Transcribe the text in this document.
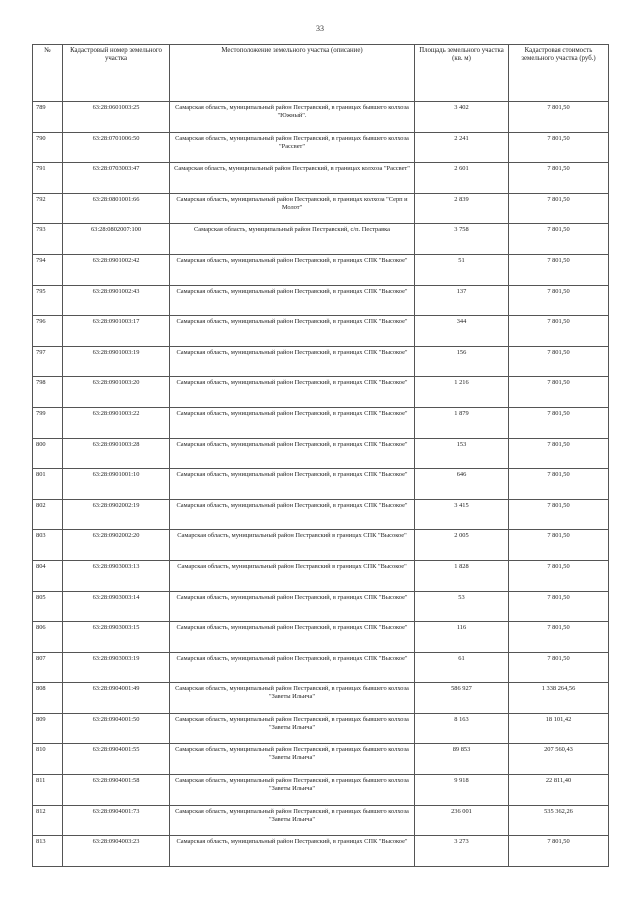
33
№	Кадастровый номер земельного участка	Местоположение земельного участка (описание)	Площадь земельного участка (кв. м)	Кадастровая стоимость земельного участка (руб.)
789	63:28:0601003:25	Самарская область, муниципальный район Пестравский, в границах бывшего колхоза "Южный".	3 402	7 801,50
790	63:28:0701006:50	Самарская область, муниципальный район Пестравский, в границах бывшего колхоза "Рассвет"	2 241	7 801,50
791	63:28:0703003:47	Самарская область, муниципальный район Пестравский, в границах колхоза "Рассвет"	2 601	7 801,50
792	63:28:0801001:66	Самарская область, муниципальный район Пестравский, в границах колхоза "Серп и Молот"	2 839	7 801,50
793	63:28:0802007:100	Самарская область, муниципальный район Пестравский, с/п. Пестравка	3 758	7 801,50
794	63:28:0901002:42	Самарская область, муниципальный район Пестравский, в границах СПК "Высокое"	51	7 801,50
795	63:28:0901002:43	Самарская область, муниципальный район Пестравский, в границах СПК "Высокое"	137	7 801,50
796	63:28:0901003:17	Самарская область, муниципальный район Пестравский, в границах СПК "Высокое"	344	7 801,50
797	63:28:0901003:19	Самарская область, муниципальный район Пестравский, в границах СПК "Высокое"	156	7 801,50
798	63:28:0901003:20	Самарская область, муниципальный район Пестравский, в границах СПК "Высокое"	1 216	7 801,50
799	63:28:0901003:22	Самарская область, муниципальный район Пестравский, в границах СПК "Высокое"	1 879	7 801,50
800	63:28:0901003:28	Самарская область, муниципальный район Пестравский, в границах СПК "Высокое"	153	7 801,50
801	63:28:0901001:10	Самарская область, муниципальный район Пестравский, в границах СПК "Высокое"	646	7 801,50
802	63:28:0902002:19	Самарская область, муниципальный район Пестравский, в границах СПК "Высокое"	3 415	7 801,50
803	63:28:0902002:20	Самарская область, муниципальный район Пестравский в границах СПК "Высокое"	2 005	7 801,50
804	63:28:0903003:13	Самарская область, муниципальный район Пестравский в границах СПК "Высокое"	1 828	7 801,50
805	63:28:0903003:14	Самарская область, муниципальный район Пестравский, в границах СПК "Высокое"	53	7 801,50
806	63:28:0903003:15	Самарская область, муниципальный район Пестравский, в границах СПК "Высокое"	116	7 801,50
807	63:28:0903003:19	Самарская область, муниципальный район Пестравский, в границах СПК "Высокое"	61	7 801,50
808	63:28:0904001:49	Самарская область, муниципальный район Пестравский, в границах бывшего колхоза "Заветы Ильича"	586 927	1 338 264,56
809	63:28:0904001:50	Самарская область, муниципальный район Пестравский, в границах бывшего колхоза "Заветы Ильича"	8 163	18 101,42
810	63:28:0904001:55	Самарская область, муниципальный район Пестравский, в границах бывшего колхоза "Заветы Ильича"	89 853	207 560,43
811	63:28:0904001:58	Самарская область, муниципальный район Пестравский, в границах бывшего колхоза "Заветы Ильича"	9 918	22 811,40
812	63:28:0904001:73	Самарская область, муниципальный район Пестравский, в границах бывшего колхоза "Заветы Ильича"	236 001	535 362,26
813	63:28:0904003:23	Самарская область, муниципальный район Пестравский, в границах СПК "Высокое"	3 273	7 801,50
